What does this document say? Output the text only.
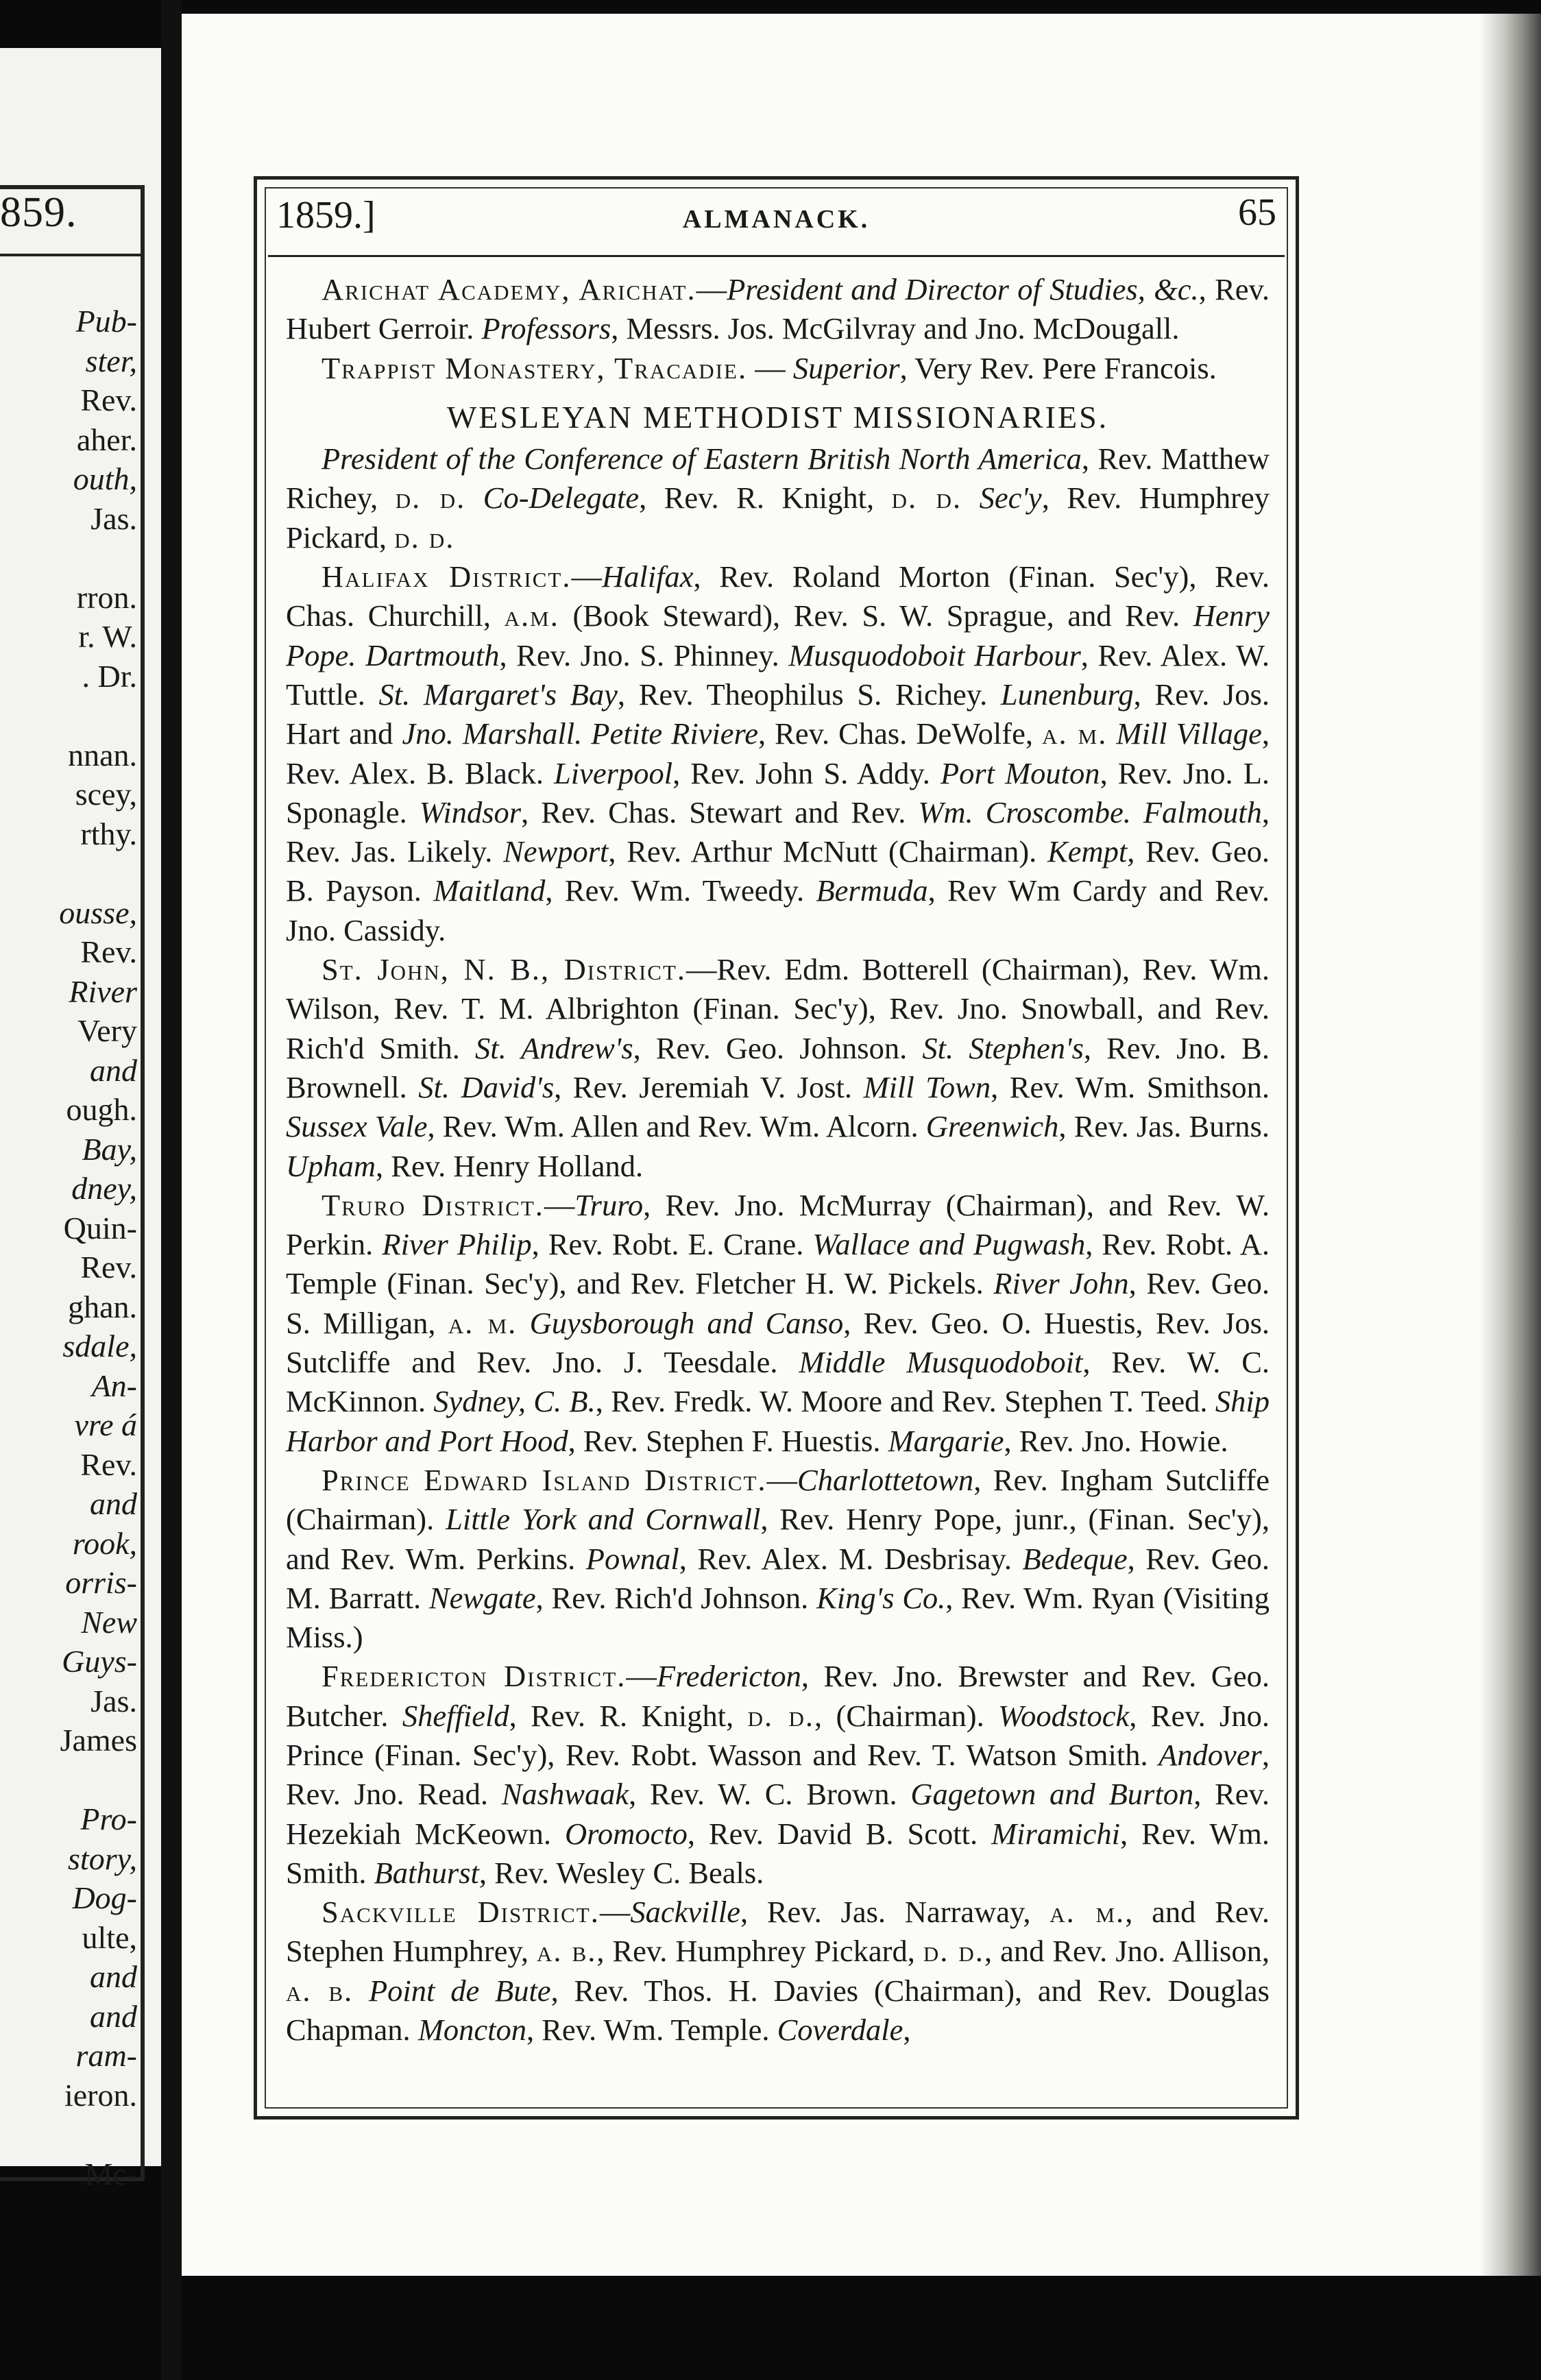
859.
Pub-
ster,
Rev.
aher.
outh,
Jas.

rron.
r. W.
. Dr.

nnan.
scey,
rthy.

ousse,
Rev.
River
Very
and
ough.
Bay,
dney,
Quin-
Rev.
ghan.
sdale,
An-
vre á
Rev.
and
rook,
orris-
New
Guys-
Jas.
James

Pro-
story,
Dog-
ulte,
and
and
ram-
ieron.

Mc-
1859.]	ALMANACK.	65

Arichat Academy, Arichat.—President and Director of Studies, &c., Rev. Hubert Gerroir. Professors, Messrs. Jos. McGilvray and Jno. McDougall.

Trappist Monastery, Tracadie. — Superior, Very Rev. Pere Francois.

WESLEYAN METHODIST MISSIONARIES.

President of the Conference of Eastern British North America, Rev. Matthew Richey, d. d. Co-Delegate, Rev. R. Knight, d. d. Sec'y, Rev. Humphrey Pickard, d. d.

Halifax District.—Halifax, Rev. Roland Morton (Finan. Sec'y), Rev. Chas. Churchill, a.m. (Book Steward), Rev. S. W. Sprague, and Rev. Henry Pope. Dartmouth, Rev. Jno. S. Phinney. Musquodoboit Harbour, Rev. Alex. W. Tuttle. St. Margaret's Bay, Rev. Theophilus S. Richey. Lunenburg, Rev. Jos. Hart and Jno. Marshall. Petite Riviere, Rev. Chas. DeWolfe, a. m. Mill Village, Rev. Alex. B. Black. Liverpool, Rev. John S. Addy. Port Mouton, Rev. Jno. L. Sponagle. Windsor, Rev. Chas. Stewart and Rev. Wm. Croscombe. Falmouth, Rev. Jas. Likely. Newport, Rev. Arthur McNutt (Chairman). Kempt, Rev. Geo. B. Payson. Maitland, Rev. Wm. Tweedy. Bermuda, Rev Wm Cardy and Rev. Jno. Cassidy.

St. John, N. B., District.—Rev. Edm. Botterell (Chairman), Rev. Wm. Wilson, Rev. T. M. Albrighton (Finan. Sec'y), Rev. Jno. Snowball, and Rev. Rich'd Smith. St. Andrew's, Rev. Geo. Johnson. St. Stephen's, Rev. Jno. B. Brownell. St. David's, Rev. Jeremiah V. Jost. Mill Town, Rev. Wm. Smithson. Sussex Vale, Rev. Wm. Allen and Rev. Wm. Alcorn. Greenwich, Rev. Jas. Burns. Upham, Rev. Henry Holland.

Truro District.—Truro, Rev. Jno. McMurray (Chairman), and Rev. W. Perkin. River Philip, Rev. Robt. E. Crane. Wallace and Pugwash, Rev. Robt. A. Temple (Finan. Sec'y), and Rev. Fletcher H. W. Pickels. River John, Rev. Geo. S. Milligan, a. m. Guysborough and Canso, Rev. Geo. O. Huestis, Rev. Jos. Sutcliffe and Rev. Jno. J. Teesdale. Middle Musquodoboit, Rev. W. C. McKinnon. Sydney, C. B., Rev. Fredk. W. Moore and Rev. Stephen T. Teed. Ship Harbor and Port Hood, Rev. Stephen F. Huestis. Margarie, Rev. Jno. Howie.

Prince Edward Island District.—Charlottetown, Rev. Ingham Sutcliffe (Chairman). Little York and Cornwall, Rev. Henry Pope, junr., (Finan. Sec'y), and Rev. Wm. Perkins. Pownal, Rev. Alex. M. Desbrisay. Bedeque, Rev. Geo. M. Barratt. Newgate, Rev. Rich'd Johnson. King's Co., Rev. Wm. Ryan (Visiting Miss.)

Fredericton District.—Fredericton, Rev. Jno. Brewster and Rev. Geo. Butcher. Sheffield, Rev. R. Knight, d. d., (Chairman). Woodstock, Rev. Jno. Prince (Finan. Sec'y), Rev. Robt. Wasson and Rev. T. Watson Smith. Andover, Rev. Jno. Read. Nashwaak, Rev. W. C. Brown. Gagetown and Burton, Rev. Hezekiah McKeown. Oromocto, Rev. David B. Scott. Miramichi, Rev. Wm. Smith. Bathurst, Rev. Wesley C. Beals.

Sackville District.—Sackville, Rev. Jas. Narraway, a. m., and Rev. Stephen Humphrey, a. b., Rev. Humphrey Pickard, d. d., and Rev. Jno. Allison, a. b. Point de Bute, Rev. Thos. H. Davies (Chairman), and Rev. Douglas Chapman. Moncton, Rev. Wm. Temple. Coverdale,
